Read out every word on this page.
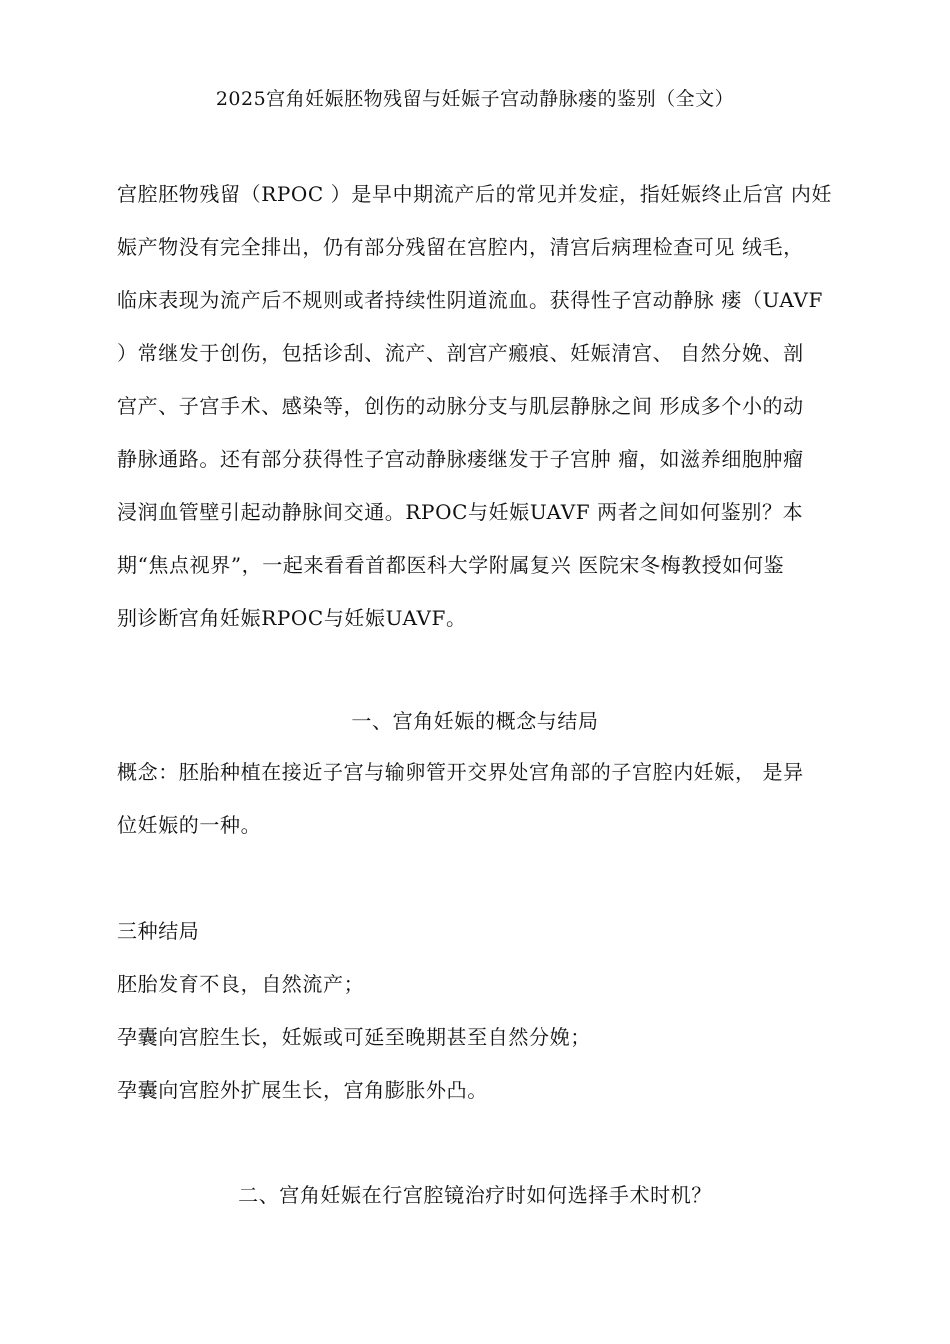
2025宫角妊娠胚物残留与妊娠子宫动静脉瘘的鉴别（全文）
宫腔胚物残留（RPOC ）是早中期流产后的常见并发症，指妊娠终止后宫 内妊
娠产物没有完全排出，仍有部分残留在宫腔内，清宫后病理检查可见 绒毛，
临床表现为流产后不规则或者持续性阴道流血。获得性子宫动静脉 瘘（UAVF
）常继发于创伤，包括诊刮、流产、剖宫产瘢痕、妊娠清宫、 自然分娩、剖
宫产、子宫手术、感染等，创伤的动脉分支与肌层静脉之间 形成多个小的动
静脉通路。还有部分获得性子宫动静脉瘘继发于子宫肿 瘤，如滋养细胞肿瘤
浸润血管壁引起动静脉间交通。RPOC与妊娠UAVF 两者之间如何鉴别？本
期“焦点视界”，一起来看看首都医科大学附属复兴 医院宋冬梅教授如何鉴
别诊断宫角妊娠RPOC与妊娠UAVF。
一、宫角妊娠的概念与结局
概念：胚胎种植在接近子宫与输卵管开交界处宫角部的子宫腔内妊娠， 是异
位妊娠的一种。
三种结局
胚胎发育不良，自然流产；
孕囊向宫腔生长，妊娠或可延至晚期甚至自然分娩；
孕囊向宫腔外扩展生长，宫角膨胀外凸。
二、宫角妊娠在行宫腔镜治疗时如何选择手术时机？
